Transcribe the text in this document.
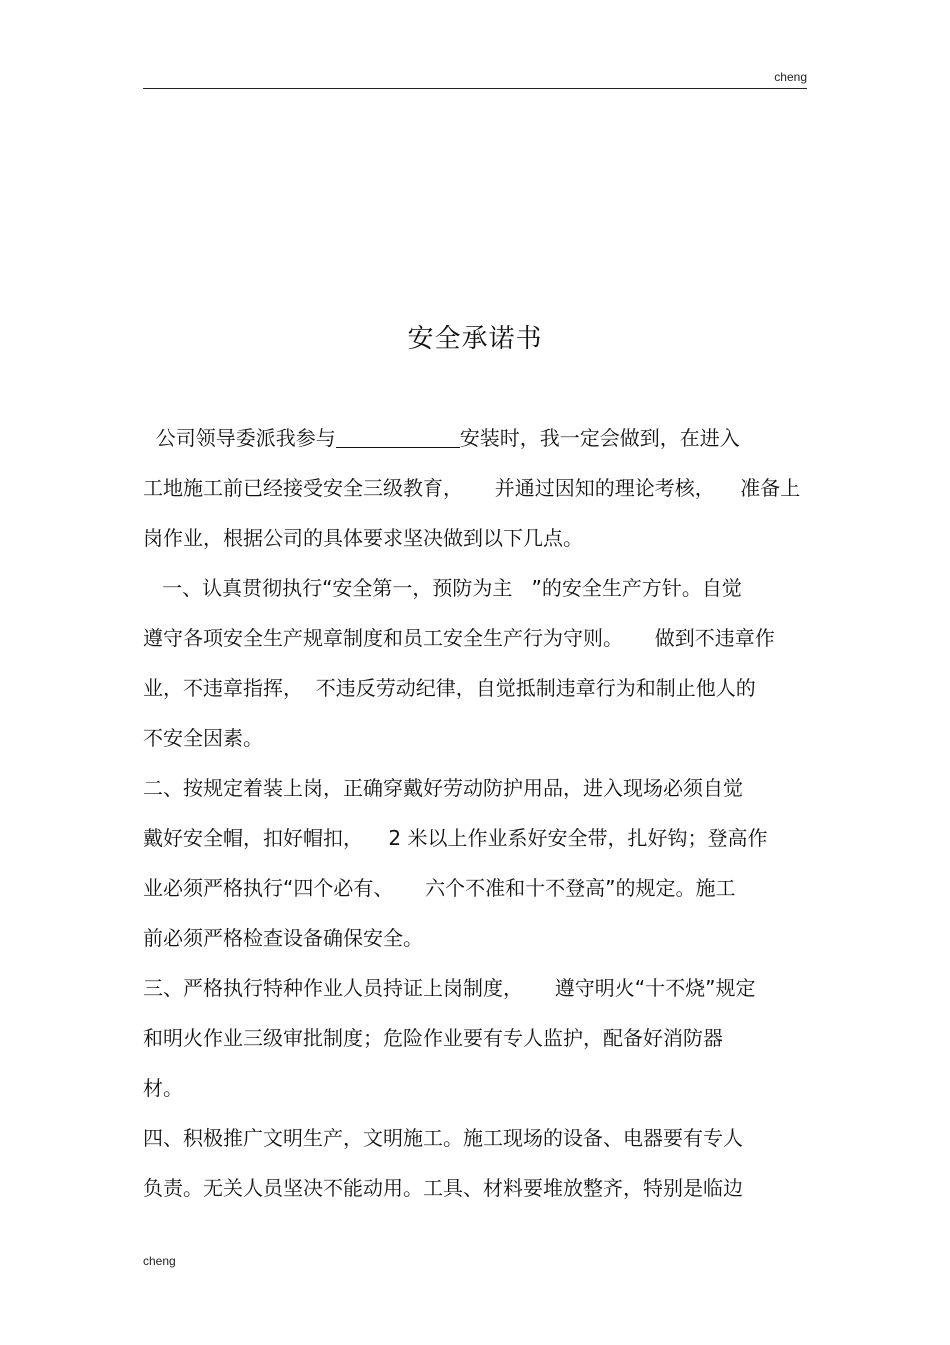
cheng
安全承诺书
公司领导委派我参与	安装时，我一定会做到，在进入
工地施工前已经接受安全三级教育，     并通过因知的理论考核，    准备上
岗作业，根据公司的具体要求坚决做到以下几点。
一、认真贯彻执行“安全第一，预防为主   ”的安全生产方针。自觉
遵守各项安全生产规章制度和员工安全生产行为守则。     做到不违章作
业，不违章指挥，  不违反劳动纪律，自觉抵制违章行为和制止他人的
不安全因素。
二、按规定着装上岗，正确穿戴好劳动防护用品，进入现场必须自觉
戴好安全帽，扣好帽扣，    2 米以上作业系好安全带，扎好钩；登高作
业必须严格执行“四个必有、     六个不准和十不登高”的规定。施工
前必须严格检查设备确保安全。
三、严格执行特种作业人员持证上岗制度，     遵守明火“十不烧”规定
和明火作业三级审批制度；危险作业要有专人监护，配备好消防器
材。
四、积极推广文明生产，文明施工。施工现场的设备、电器要有专人
负责。无关人员坚决不能动用。工具、材料要堆放整齐，特别是临边
cheng
